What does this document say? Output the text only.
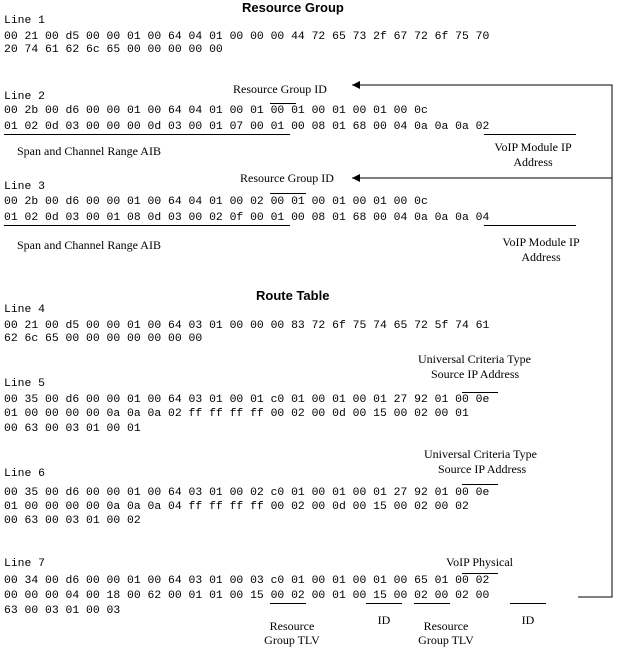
Resource Group
Route Table
Line 1
00 21 00 d5 00 00 01 00 64 04 01 00 00 00 44 72 65 73 2f 67 72 6f 75 70
20 74 61 62 6c 65 00 00 00 00 00
Resource Group ID
Line 2
00 2b 00 d6 00 00 01 00 64 04 01 00 01 00 01 00 01 00 01 00 0c
01 02 0d 03 00 00 00 0d 03 00 01 07 00 01 00 08 01 68 00 04 0a 0a 0a 02
Span and Channel Range AIB	VoIP Module IP
Address
Resource Group ID
Line 3
00 2b 00 d6 00 00 01 00 64 04 01 00 02 00 01 00 01 00 01 00 0c
01 02 0d 03 00 01 08 0d 03 00 02 0f 00 01 00 08 01 68 00 04 0a 0a 0a 04
Span and Channel Range AIB	VoIP Module IP
Address
Line 4
00 21 00 d5 00 00 01 00 64 03 01 00 00 00 83 72 6f 75 74 65 72 5f 74 61
62 6c 65 00 00 00 00 00 00 00
Universal Criteria Type
Source IP Address
Line 5
00 35 00 d6 00 00 01 00 64 03 01 00 01 c0 01 00 01 00 01 27 92 01 00 0e
01 00 00 00 00 0a 0a 0a 02 ff ff ff ff 00 02 00 0d 00 15 00 02 00 01
00 63 00 03 01 00 01
Universal Criteria Type
Source IP Address
Line 6
00 35 00 d6 00 00 01 00 64 03 01 00 02 c0 01 00 01 00 01 27 92 01 00 0e
01 00 00 00 00 0a 0a 0a 04 ff ff ff ff 00 02 00 0d 00 15 00 02 00 02
00 63 00 03 01 00 02
VoIP Physical
Line 7
00 34 00 d6 00 00 01 00 64 03 01 00 03 c0 01 00 01 00 01 00 65 01 00 02
00 00 00 04 00 18 00 62 00 01 01 00 15 00 02 00 01 00 15 00 02 00 02 00
63 00 03 01 00 03
Resource
Group TLV
ID	Resource
Group TLV
ID
